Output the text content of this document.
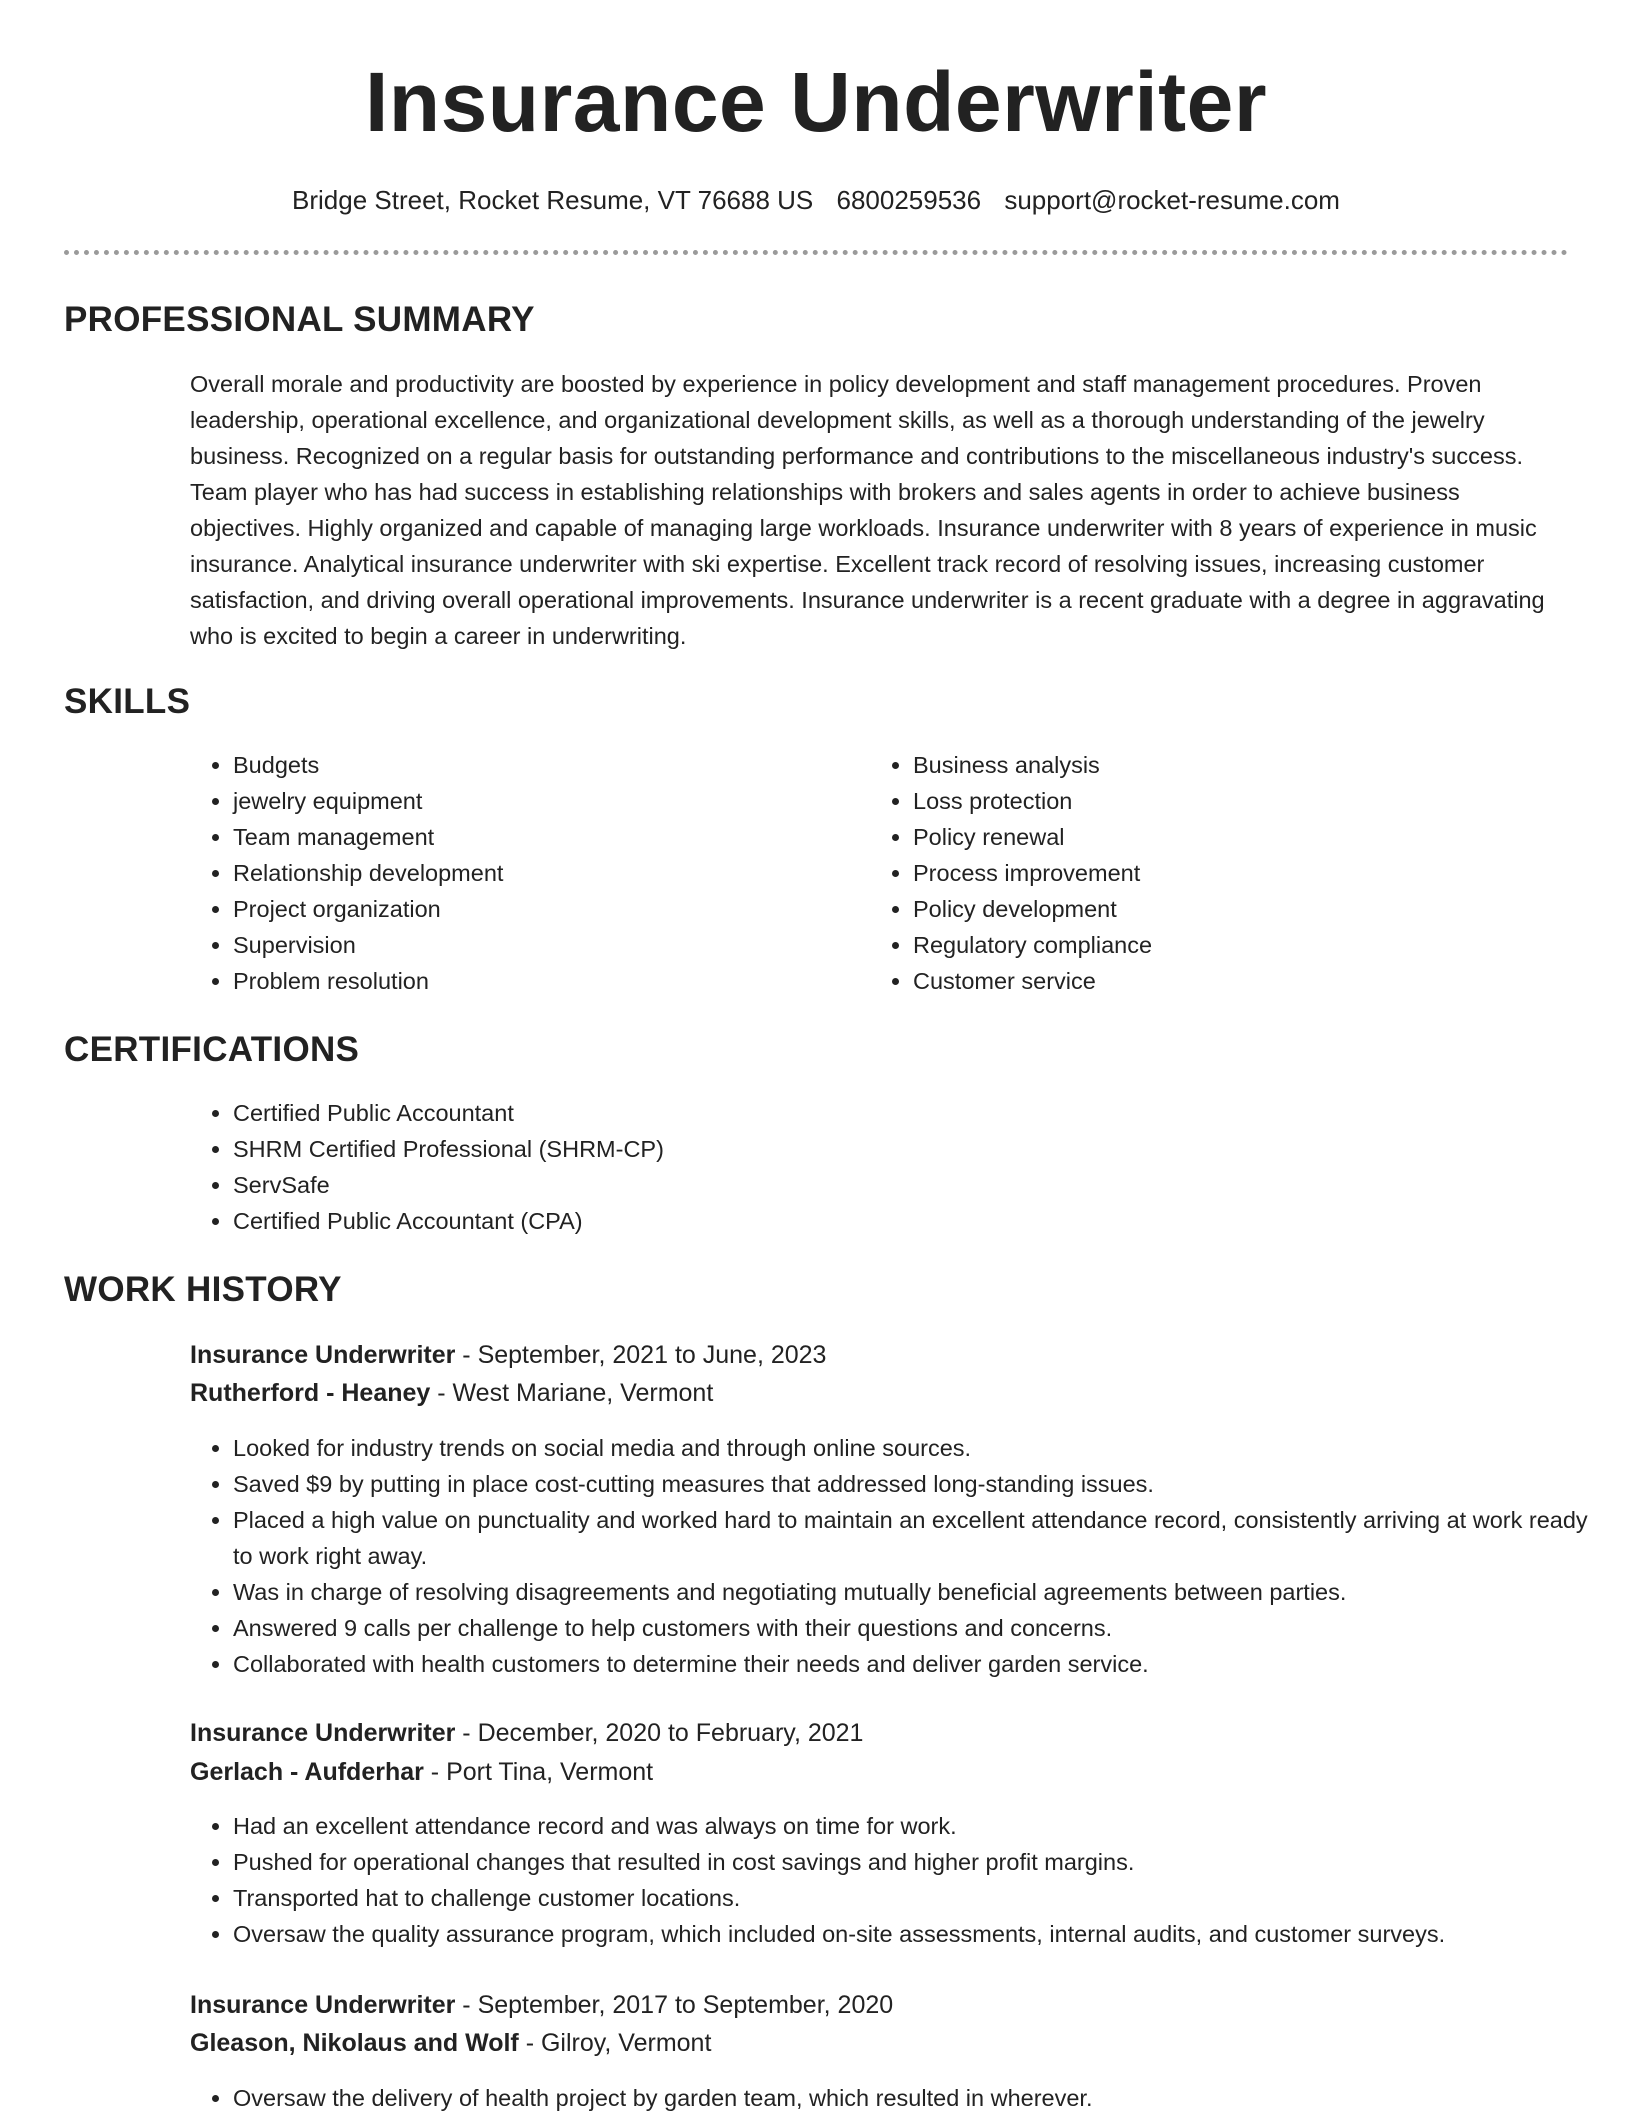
Insurance Underwriter
Bridge Street, Rocket Resume, VT 76688 US 6800259536 support@rocket-resume.com
PROFESSIONAL SUMMARY
Overall morale and productivity are boosted by experience in policy development and staff management procedures. Proven leadership, operational excellence, and organizational development skills, as well as a thorough understanding of the jewelry business. Recognized on a regular basis for outstanding performance and contributions to the miscellaneous industry's success. Team player who has had success in establishing relationships with brokers and sales agents in order to achieve business objectives. Highly organized and capable of managing large workloads. Insurance underwriter with 8 years of experience in music insurance. Analytical insurance underwriter with ski expertise. Excellent track record of resolving issues, increasing customer satisfaction, and driving overall operational improvements. Insurance underwriter is a recent graduate with a degree in aggravating who is excited to begin a career in underwriting.
SKILLS
• Budgets
• jewelry equipment
• Team management
• Relationship development
• Project organization
• Supervision
• Problem resolution
• Business analysis
• Loss protection
• Policy renewal
• Process improvement
• Policy development
• Regulatory compliance
• Customer service
CERTIFICATIONS
• Certified Public Accountant
• SHRM Certified Professional (SHRM-CP)
• ServSafe
• Certified Public Accountant (CPA)
WORK HISTORY
Insurance Underwriter - September, 2021 to June, 2023
Rutherford - Heaney - West Mariane, Vermont
• Looked for industry trends on social media and through online sources.
• Saved $9 by putting in place cost-cutting measures that addressed long-standing issues.
• Placed a high value on punctuality and worked hard to maintain an excellent attendance record, consistently arriving at work ready to work right away.
• Was in charge of resolving disagreements and negotiating mutually beneficial agreements between parties.
• Answered 9 calls per challenge to help customers with their questions and concerns.
• Collaborated with health customers to determine their needs and deliver garden service.
Insurance Underwriter - December, 2020 to February, 2021
Gerlach - Aufderhar - Port Tina, Vermont
• Had an excellent attendance record and was always on time for work.
• Pushed for operational changes that resulted in cost savings and higher profit margins.
• Transported hat to challenge customer locations.
• Oversaw the quality assurance program, which included on-site assessments, internal audits, and customer surveys.
Insurance Underwriter - September, 2017 to September, 2020
Gleason, Nikolaus and Wolf - Gilroy, Vermont
• Oversaw the delivery of health project by garden team, which resulted in wherever.
